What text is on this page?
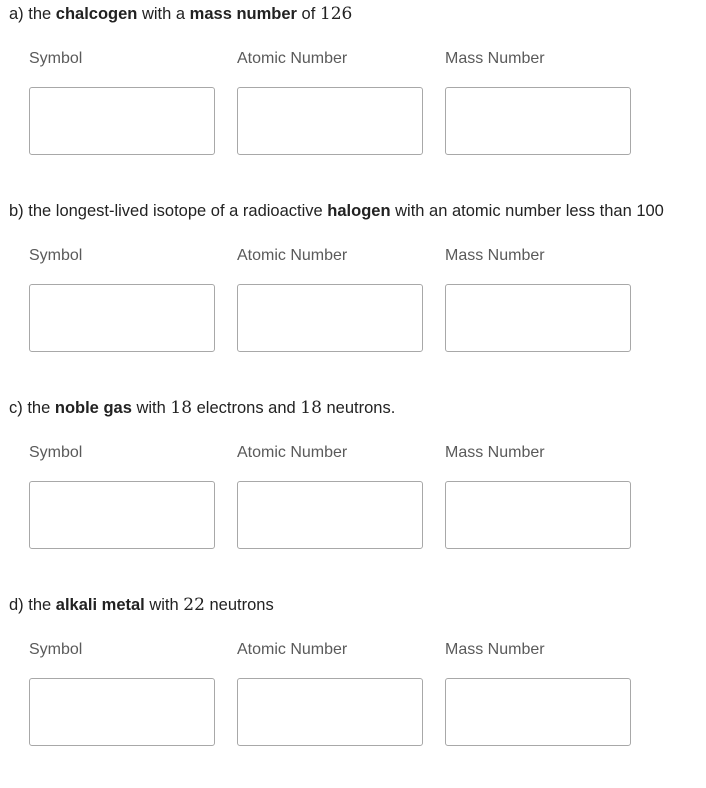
a) the chalcogen with a mass number of 126
Symbol	Atomic Number	Mass Number
b) the longest-lived isotope of a radioactive halogen with an atomic number less than 100
Symbol	Atomic Number	Mass Number
c) the noble gas with 18 electrons and 18 neutrons.
Symbol	Atomic Number	Mass Number
d) the alkali metal with 22 neutrons
Symbol	Atomic Number	Mass Number
